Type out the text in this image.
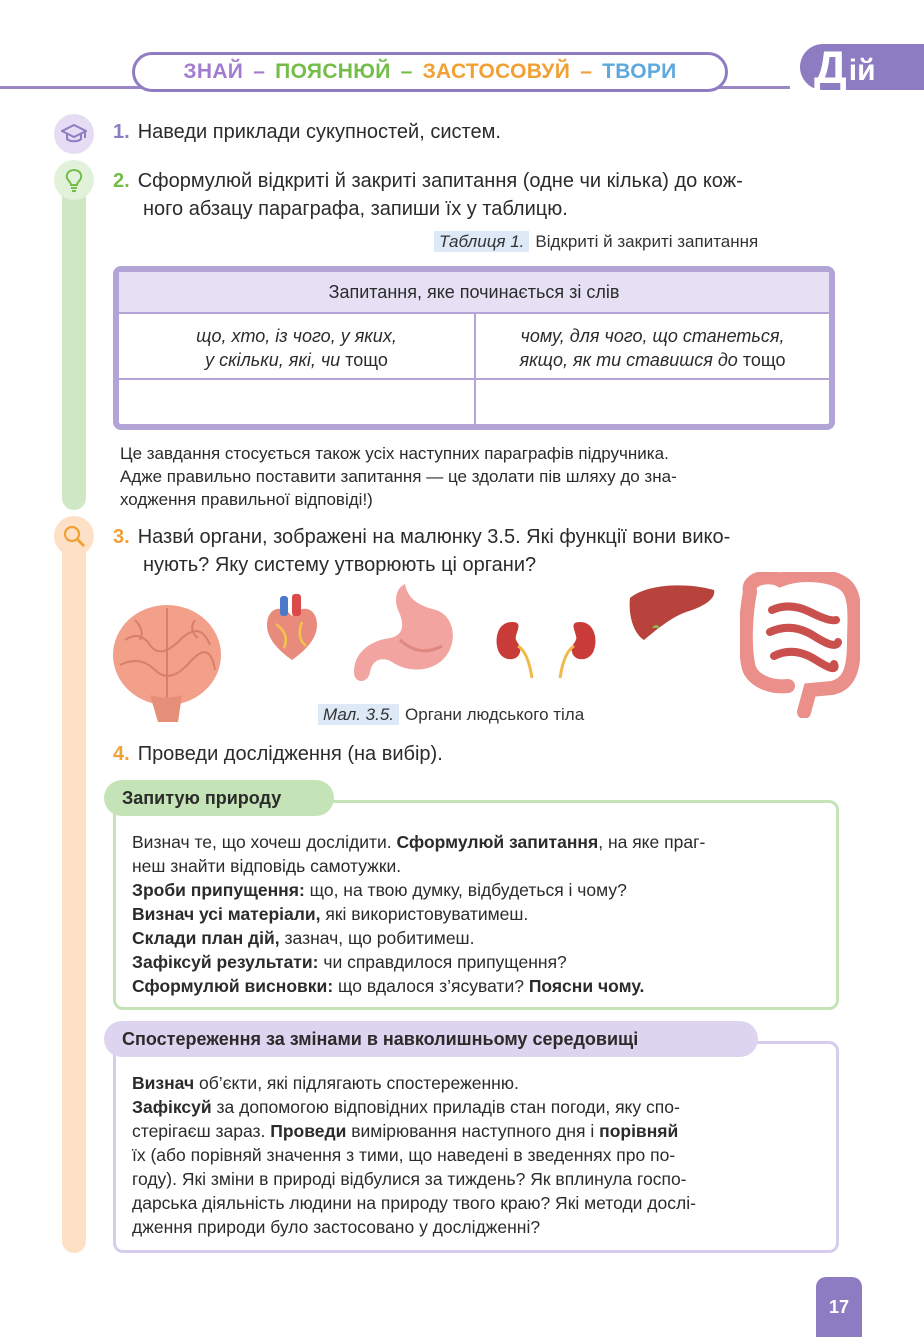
ЗНАЙ – ПОЯСНЮЙ – ЗАСТОСОВУЙ – ТВОРИ	Д ій
1. Наведи приклади сукупностей, систем.
2. Сформулюй відкриті й закриті запитання (одне чи кілька) до кож-
ного абзацу параграфа, запиши їх у таблицю.
Таблиця 1. Відкриті й закриті запитання
Запитання, яке починається зі слів
що, хто, із чого, у яких,
у скільки, які, чи тощо
чому, для чого, що станеться,
якщо, як ти ставишся до тощо
Це завдання стосується також усіх наступних параграфів підручника.
Адже правильно поставити запитання — це здолати пів шляху до зна-
ходження правильної відповіді!)
3. Назви́ органи, зображені на малюнку 3.5. Які функції вони вико-
нують? Яку систему утворюють ці органи?
Мал. 3.5. Органи людського тіла
4. Проведи дослідження (на вибір).
Визнач те, що хочеш дослідити. Сформулюй запитання, на яке праг-
неш знайти відповідь самотужки.
Зроби припущення: що, на твою думку, відбудеться і чому?
Визнач усі матеріали, які використовуватимеш.
Склади план дій, зазнач, що робитимеш.
Зафіксуй результати: чи справдилося припущення?
Сформулюй висновки: що вдалося з’ясувати? Поясни чому.
Запитую природу
Визнач об’єкти, які підлягають спостереженню.
Зафіксуй за допомогою відповідних приладів стан погоди, яку спо-
стерігаєш зараз. Проведи вимірювання наступного дня і порівняй
їх (або порівняй значення з тими, що наведені в зведеннях про по-
году). Які зміни в природі відбулися за тиждень? Як вплинула госпо-
дарська діяльність людини на природу твого краю? Які методи дослі-
дження природи було застосовано у дослідженні?
Спостереження за змінами в навколишньому середовищі
17
